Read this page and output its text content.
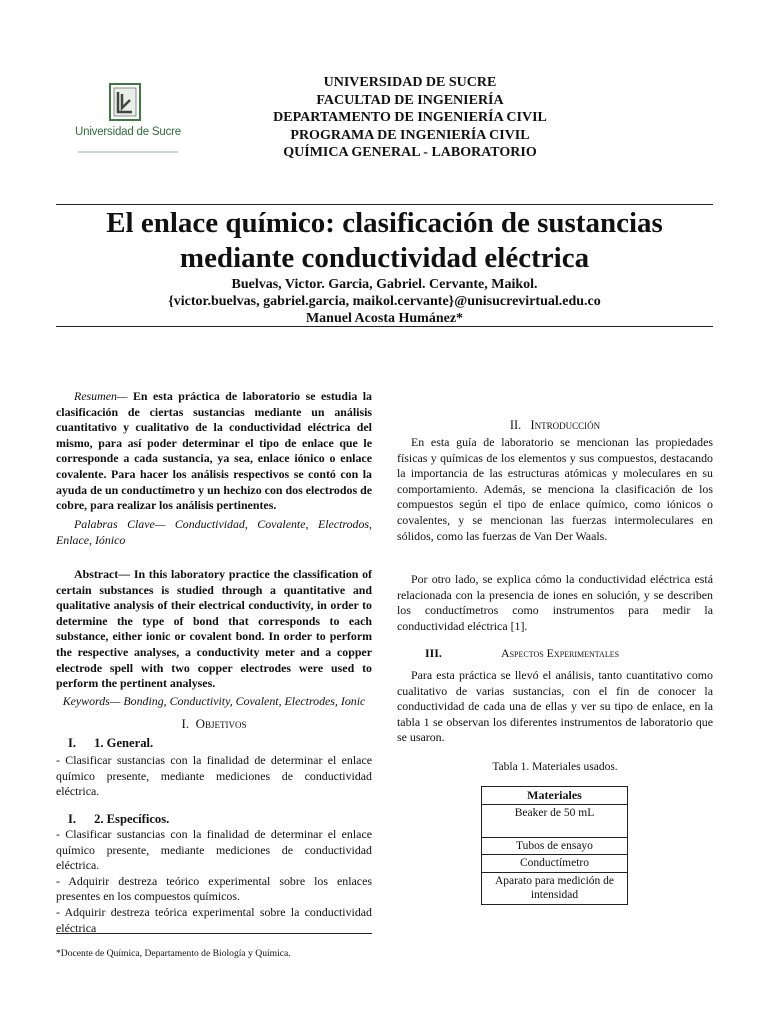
Universidad de Sucre
UNIVERSIDAD DE SUCRE
FACULTAD DE INGENIERÍA
DEPARTAMENTO DE INGENIERÍA CIVIL
PROGRAMA DE INGENIERÍA CIVIL
QUÍMICA GENERAL - LABORATORIO
El enlace químico: clasificación de sustancias
mediante conductividad eléctrica
Buelvas, Victor. Garcia, Gabriel. Cervante, Maikol.
{victor.buelvas, gabriel.garcia, maikol.cervante}@unisucrevirtual.edu.co
Manuel Acosta Humánez*

Resumen— En esta práctica de laboratorio se estudia la clasificación de ciertas sustancias mediante un análisis cuantitativo y cualitativo de la conductividad eléctrica del mismo, para así poder determinar el tipo de enlace que le corresponde a cada sustancia, ya sea, enlace iónico o enlace covalente. Para hacer los análisis respectivos se contó con la ayuda de un conductímetro y un hechizo con dos electrodos de cobre, para realizar los análisis pertinentes.

Palabras Clave— Conductividad, Covalente, Electrodos, Enlace, Iónico

Abstract— In this laboratory practice the classification of certain substances is studied through a quantitative and qualitative analysis of their electrical conductivity, in order to determine the type of bond that corresponds to each substance, either ionic or covalent bond. In order to perform the respective analyses, a conductivity meter and a copper electrode spell with two copper electrodes were used to perform the pertinent analyses.

Keywords— Bonding, Conductivity, Covalent, Electrodes, Ionic

I. Objetivos
I. 1. General.

- Clasificar sustancias con la finalidad de determinar el enlace químico presente, mediante mediciones de conductividad eléctrica.

I. 2. Específicos.

- Clasificar sustancias con la finalidad de determinar el enlace químico presente, mediante mediciones de conductividad eléctrica.

- Adquirir destreza teórico experimental sobre los enlaces presentes en los compuestos químicos.

- Adquirir destreza teórica experimental sobre la conductividad eléctrica

*Docente de Química, Departamento de Biología y Química.
II. Introducción

En esta guía de laboratorio se mencionan las propiedades físicas y químicas de los elementos y sus compuestos, destacando la importancia de las estructuras atómicas y moleculares en su comportamiento. Además, se menciona la clasificación de los compuestos según el tipo de enlace químico, como iónicos o covalentes, y se mencionan las fuerzas intermoleculares en sólidos, como las fuerzas de Van Der Waals.

Por otro lado, se explica cómo la conductividad eléctrica está relacionada con la presencia de iones en solución, y se describen los conductímetros como instrumentos para medir la conductividad eléctrica [1].

III.	Aspectos Experimentales

Para esta práctica se llevó el análisis, tanto cuantitativo como cualitativo de varias sustancias, con el fin de conocer la conductividad de cada una de ellas y ver su tipo de enlace, en la tabla 1 se observan los diferentes instrumentos de laboratorio que se usaron.

Tabla 1. Materiales usados.
Materiales
Beaker de 50 mL
Tubos de ensayo
Conductímetro
Aparato para medición de intensidad
